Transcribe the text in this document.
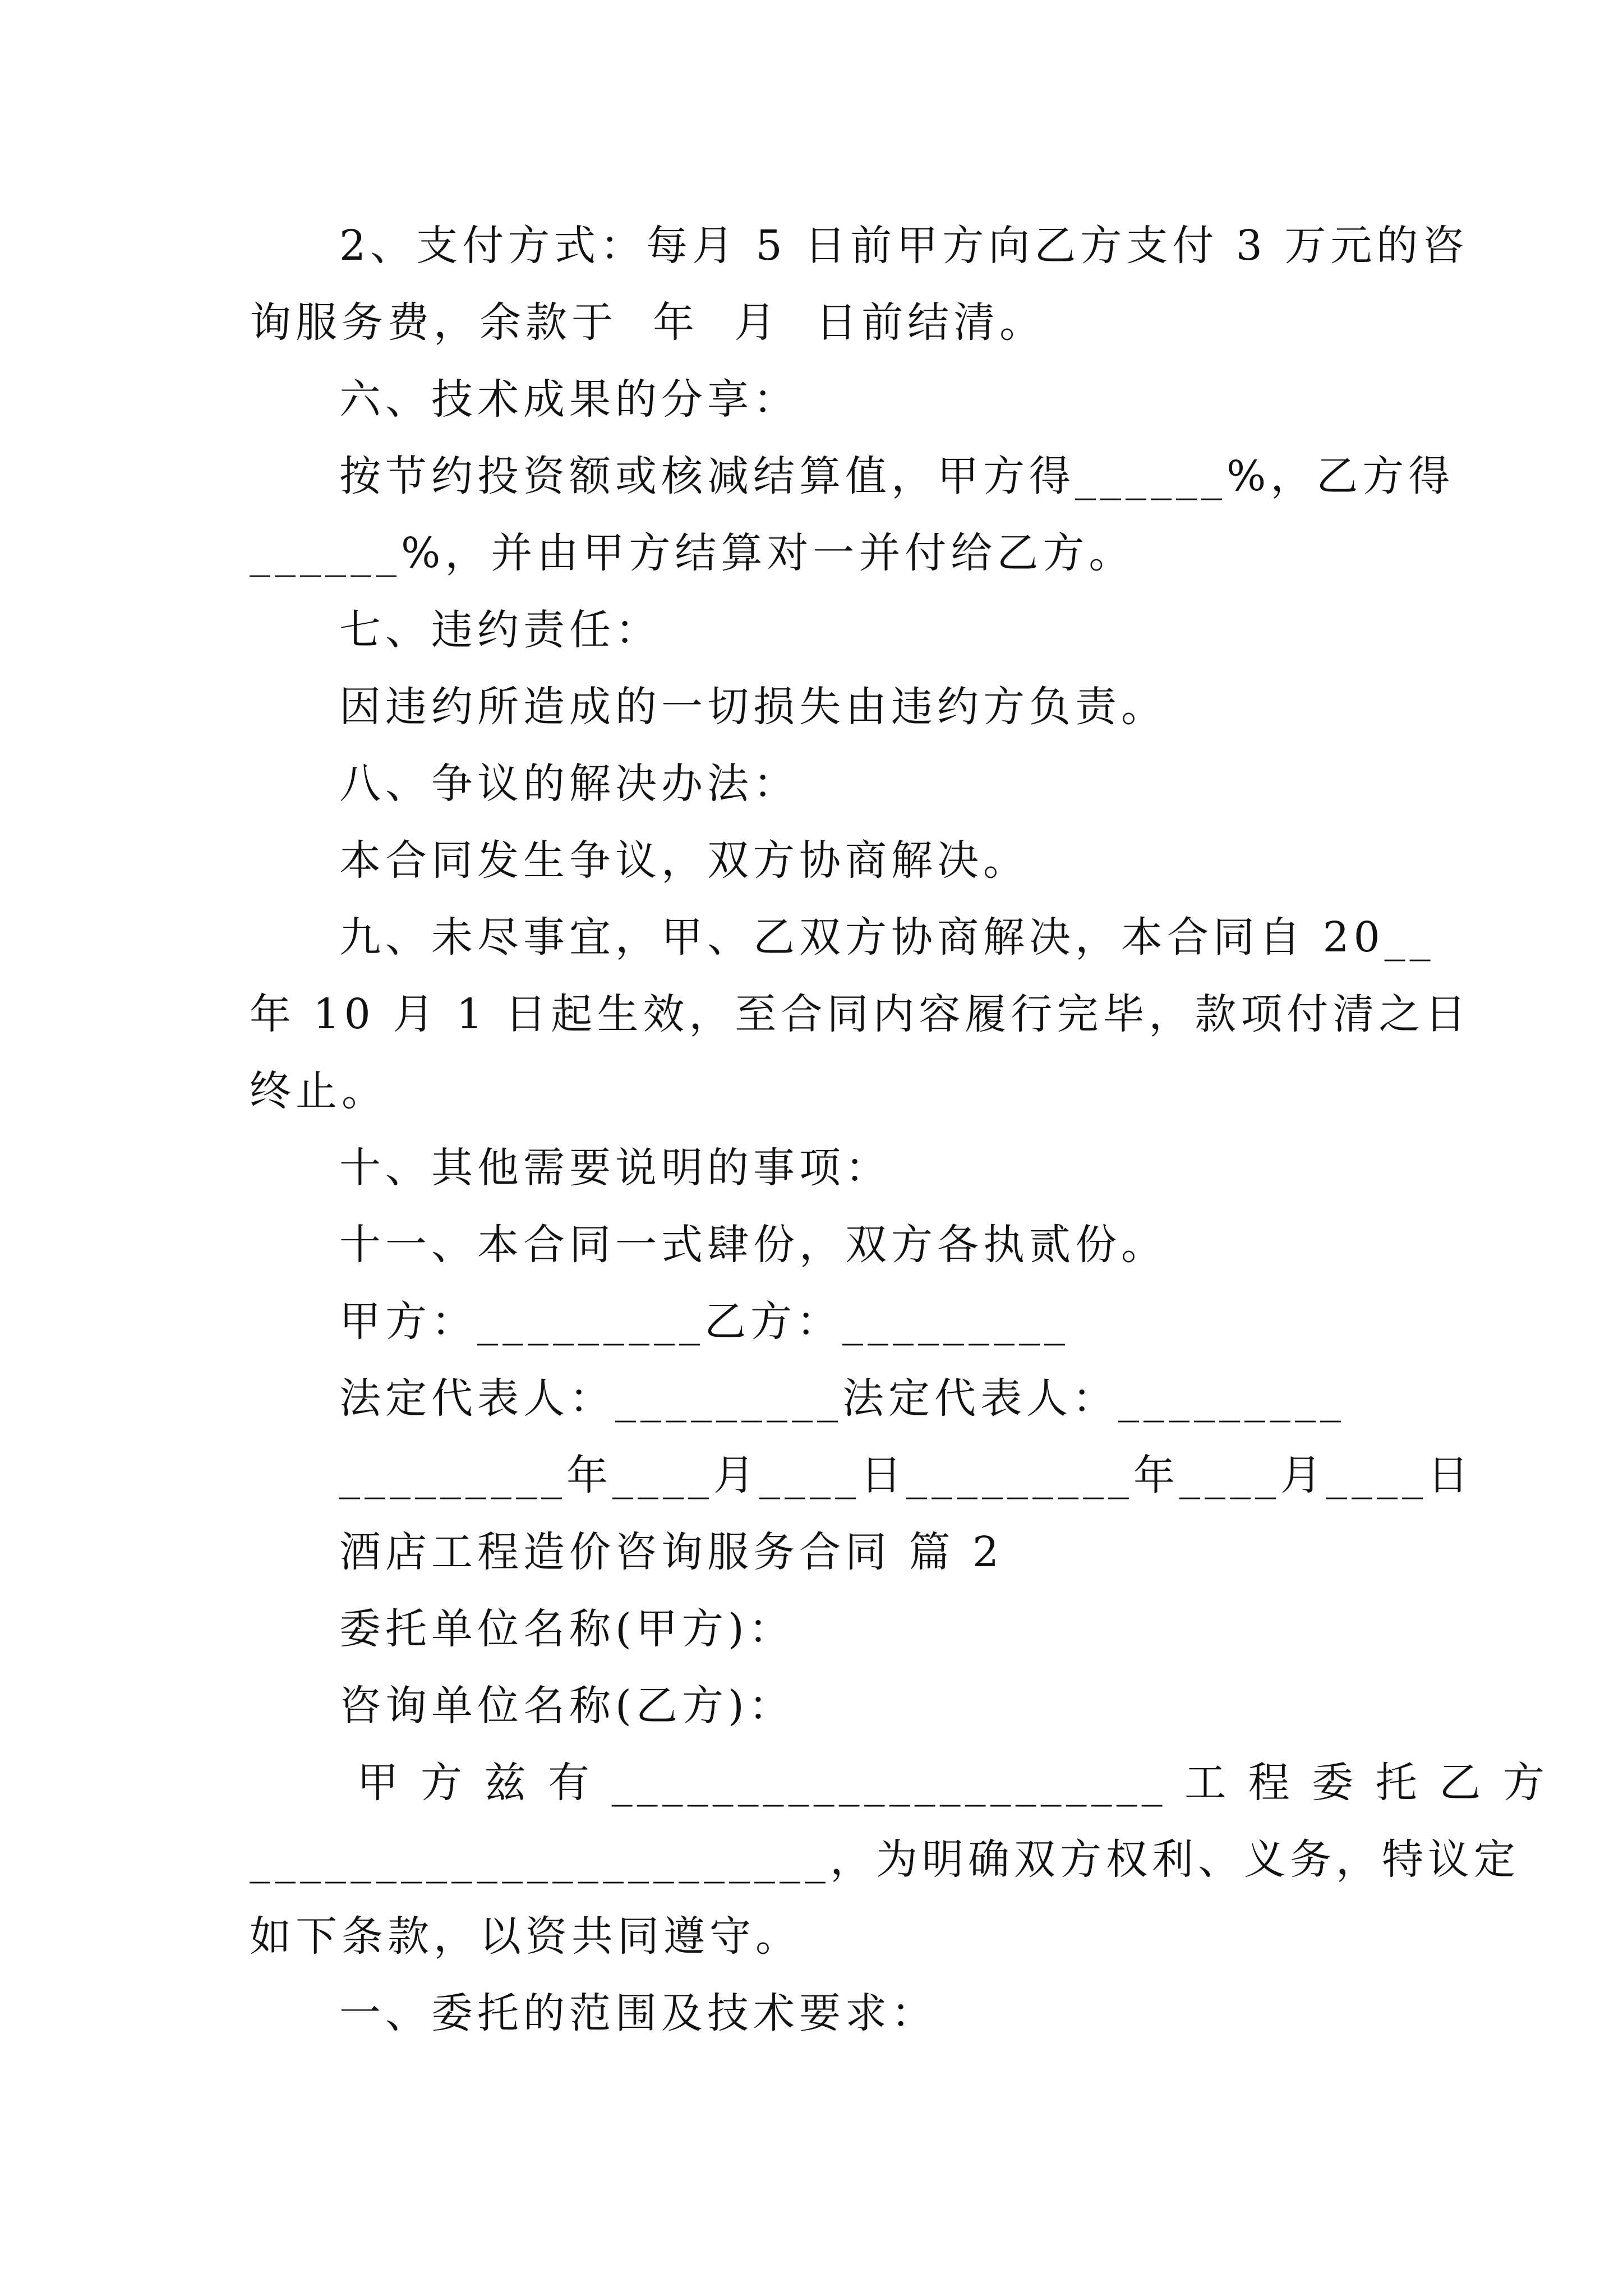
2、支付方式：每月 5 日前甲方向乙方支付 3 万元的咨

询服务费，余款于  年  月  日前结清。

六、技术成果的分享：

按节约投资额或核减结算值，甲方得______%，乙方得

______%，并由甲方结算对一并付给乙方。

七、违约责任：

因违约所造成的一切损失由违约方负责。

八、争议的解决办法：

本合同发生争议，双方协商解决。

九、未尽事宜，甲、乙双方协商解决，本合同自 20__

年 10 月 1 日起生效，至合同内容履行完毕，款项付清之日

终止。

十、其他需要说明的事项：

十一、本合同一式肆份，双方各执贰份。

甲方：_________乙方：_________

法定代表人：_________法定代表人：_________

_________年____月____日_________年____月____日

酒店工程造价咨询服务合同 篇 2

委托单位名称(甲方)：

咨询单位名称(乙方)：

甲 方 兹 有 ______________________ 工 程 委 托 乙 方

_______________________，为明确双方权利、义务，特议定

如下条款，以资共同遵守。

一、委托的范围及技术要求：
